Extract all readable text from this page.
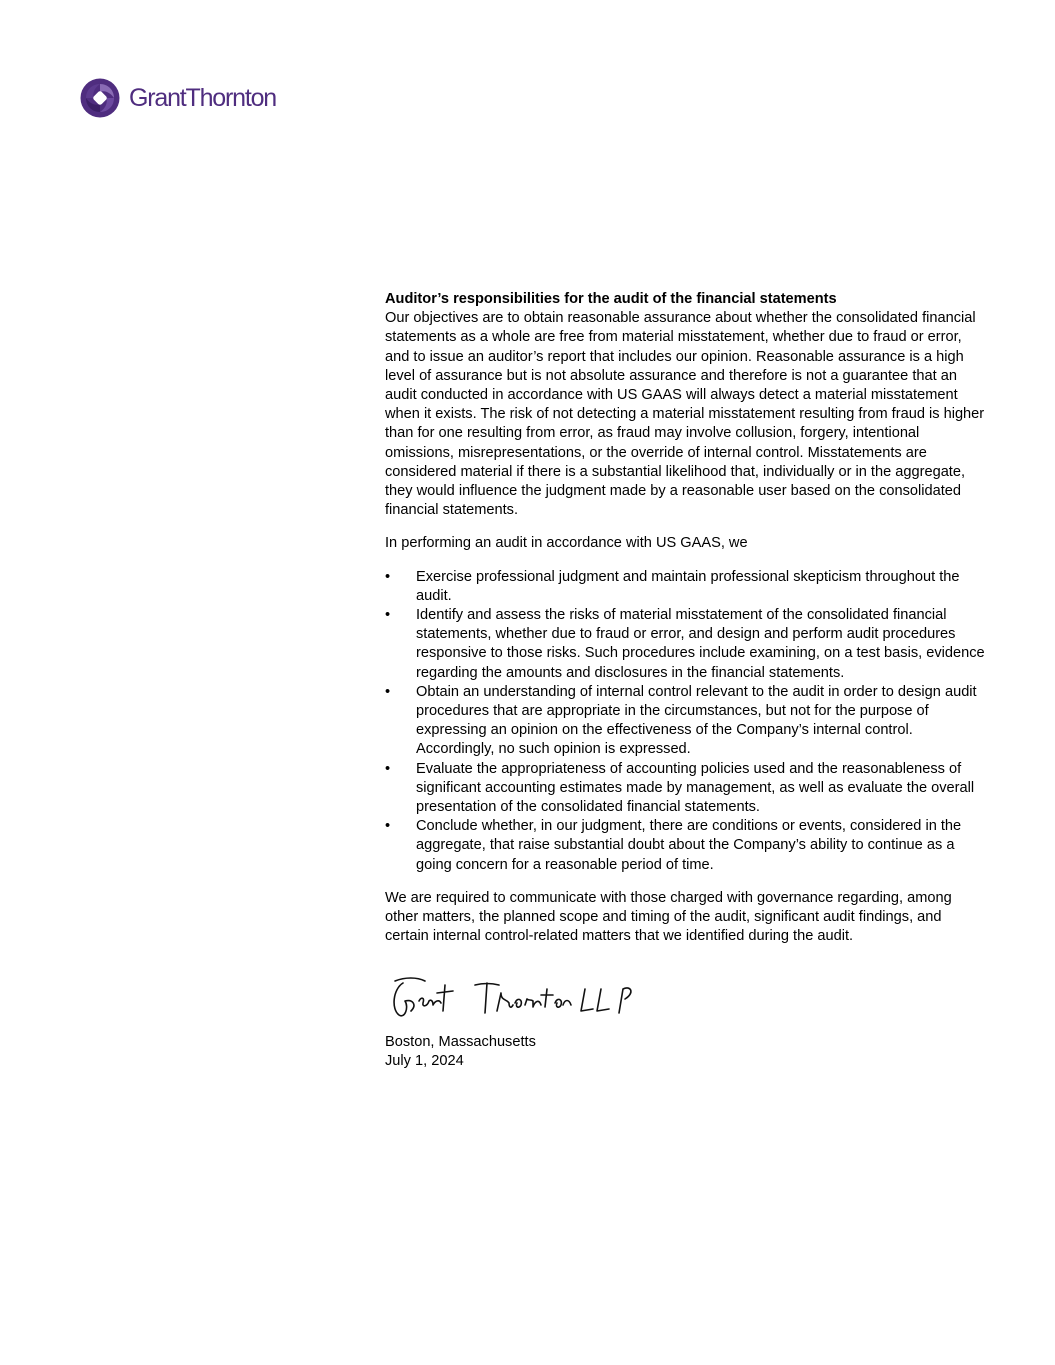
GrantThornton

Auditor’s responsibilities for the audit of the financial statements

Our objectives are to obtain reasonable assurance about whether the consolidated financial statements as a whole are free from material misstatement, whether due to fraud or error, and to issue an auditor’s report that includes our opinion. Reasonable assurance is a high level of assurance but is not absolute assurance and therefore is not a guarantee that an audit conducted in accordance with US GAAS will always detect a material misstatement when it exists. The risk of not detecting a material misstatement resulting from fraud is higher than for one resulting from error, as fraud may involve collusion, forgery, intentional omissions, misrepresentations, or the override of internal control. Misstatements are considered material if there is a substantial likelihood that, individually or in the aggregate, they would influence the judgment made by a reasonable user based on the consolidated financial statements.

In performing an audit in accordance with US GAAS, we

• Exercise professional judgment and maintain professional skepticism throughout the audit.
• Identify and assess the risks of material misstatement of the consolidated financial statements, whether due to fraud or error, and design and perform audit procedures responsive to those risks. Such procedures include examining, on a test basis, evidence regarding the amounts and disclosures in the financial statements.
• Obtain an understanding of internal control relevant to the audit in order to design audit procedures that are appropriate in the circumstances, but not for the purpose of expressing an opinion on the effectiveness of the Company’s internal control. Accordingly, no such opinion is expressed.
• Evaluate the appropriateness of accounting policies used and the reasonableness of significant accounting estimates made by management, as well as evaluate the overall presentation of the consolidated financial statements.
• Conclude whether, in our judgment, there are conditions or events, considered in the aggregate, that raise substantial doubt about the Company’s ability to continue as a going concern for a reasonable period of time.

We are required to communicate with those charged with governance regarding, among other matters, the planned scope and timing of the audit, significant audit findings, and certain internal control-related matters that we identified during the audit.

Boston, Massachusetts

July 1, 2024
